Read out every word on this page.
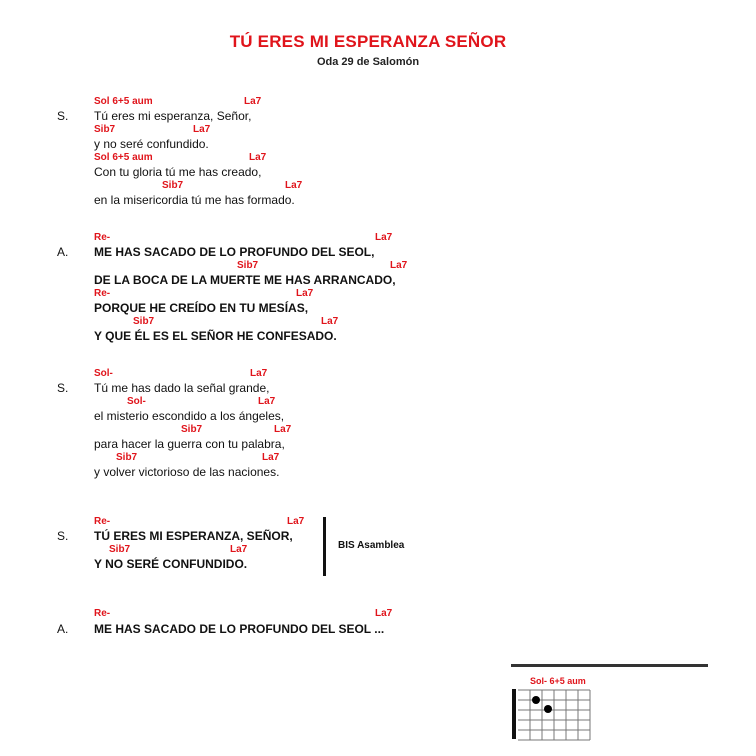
TÚ ERES MI ESPERANZA SEÑOR
Oda 29 de Salomón
S.
Sol 6+5 aum	La7
Tú eres mi esperanza, Señor,
Sib7	La7
y no seré confundido.
Sol 6+5 aum	La7
Con tu gloria tú me has creado,
Sib7	La7
en la misericordia tú me has formado.
A.
Re-	La7
ME HAS SACADO DE LO PROFUNDO DEL SEOL,
Sib7	La7
DE LA BOCA DE LA MUERTE ME HAS ARRANCADO,
Re-	La7
PORQUE HE CREÍDO EN TU MESÍAS,
Sib7	La7
Y QUE ÉL ES EL SEÑOR HE CONFESADO.
S.
Sol-	La7
Tú me has dado la señal grande,
Sol-	La7
el misterio escondido a los ángeles,
Sib7	La7
para hacer la guerra con tu palabra,
Sib7	La7
y volver victorioso de las naciones.
S.
Re-	La7
TÚ ERES MI ESPERANZA, SEÑOR,
Sib7	La7
Y NO SERÉ CONFUNDIDO.
BIS Asamblea
A.
Re-	La7
ME HAS SACADO DE LO PROFUNDO DEL SEOL ...
Sol- 6+5 aum
